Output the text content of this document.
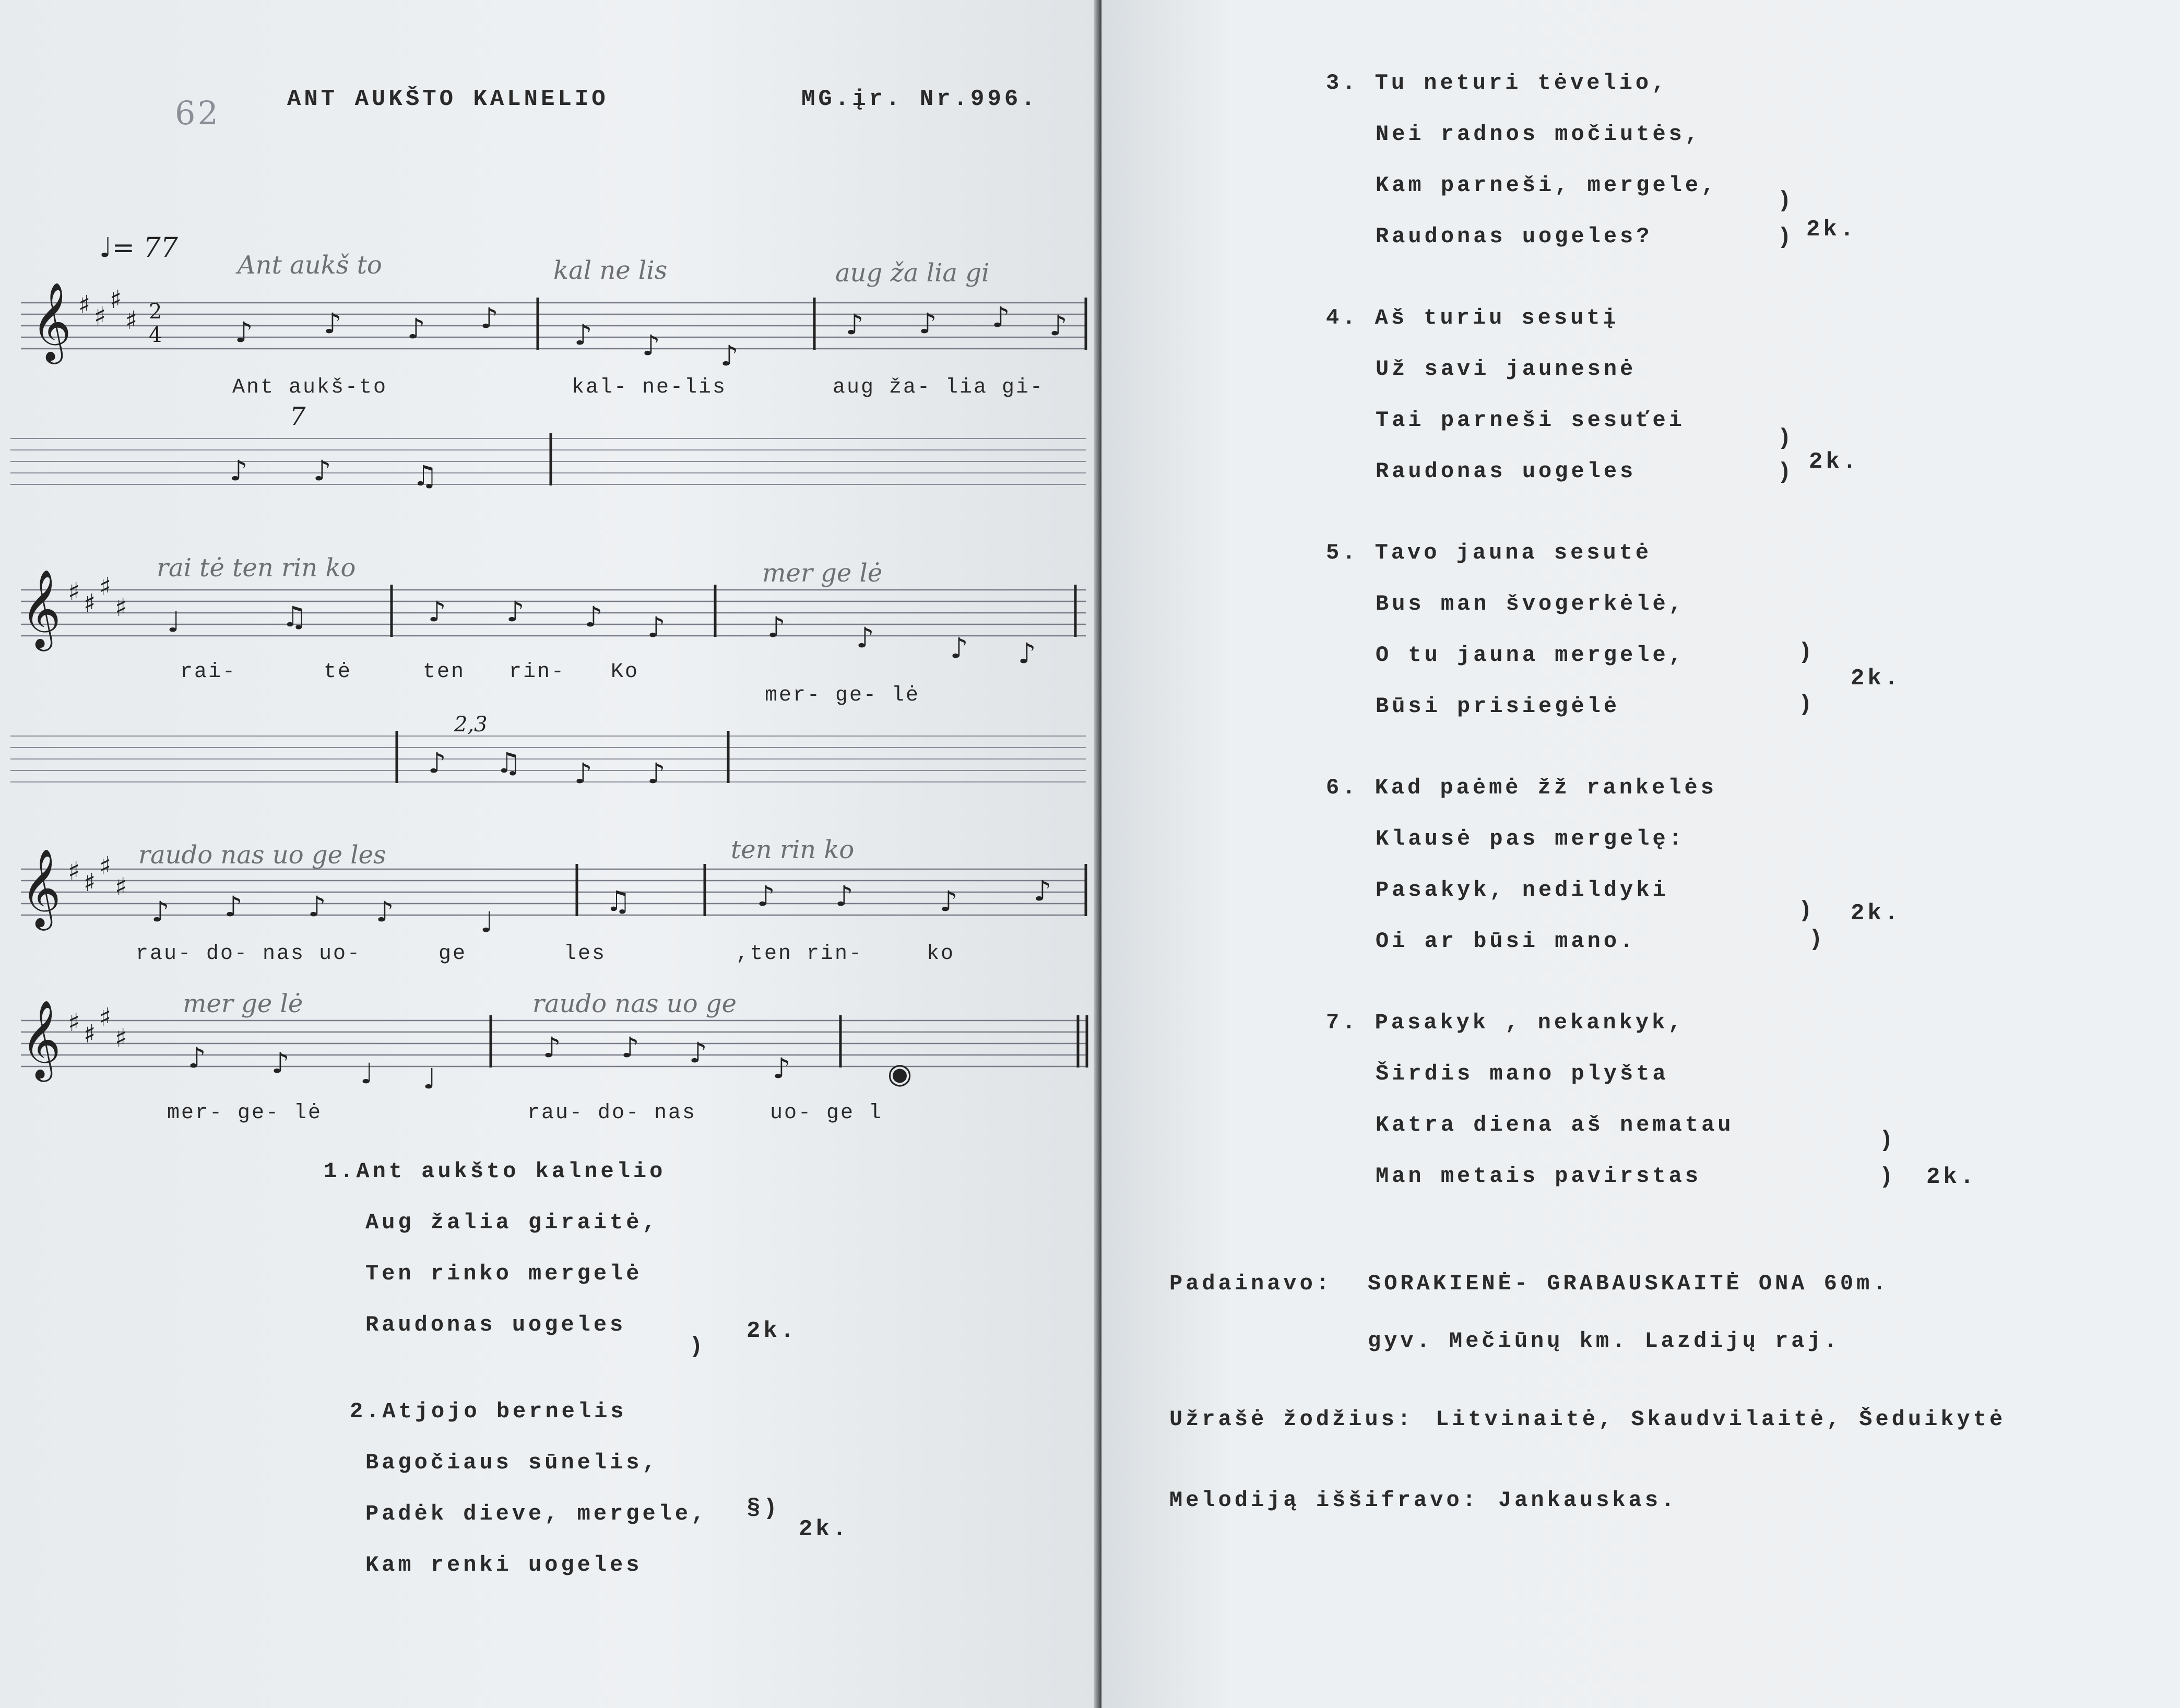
62	ANT AUKŠTO KALNELIO	MG.įr. Nr.996.
♩= 77
Ant aukš to	kal ne lis	aug ža lia gi
𝄞 ♯ ♯
♯
♯ 2
4	♪	♪ ♪ ♪
♪ ♪ ♪
♪ ♪ ♪ ♪
Ant aukš-to	kal- ne-lis	aug ža- lia gi-
7
♪ ♪	♫
rai tė ten rin ko	mer ge lė
𝄞 ♯ ♯
♯
♯ ♩	♫	♪ ♪ ♪ ♪	♪	♪	♪ ♪
rai-	tė	ten rin- Ko
mer- ge- lė
2,3
♪ ♫ ♪ ♪
raudo nas uo ge les	ten rin ko
𝄞 ♯ ♯
♯
♯
♪ ♪ ♪ ♪	♩
♫	♪ ♪	♪	♪
rau- do- nas uo-	ge	les	,ten rin-	ko
mer ge lė	raudo nas uo ge
𝄞 ♯ ♯
♯
♯
♪ ♪	♩ ♩
♪ ♪ ♪ ♪	◉
mer- ge- lė	rau- do- nas	uo- ge l
1.Ant aukšto kalnelio
Aug žalia giraitė,
Ten rinko mergelė
Raudonas uogeles
)
2k.
2.Atjojo bernelis
Bagočiaus sūnelis,
Padėk dieve, mergele,
Kam renki uogeles
§)
2k.
3. Tu neturi tėvelio,
Nei radnos močiutės,
Kam parneši, mergele,
Raudonas uogeles?
)
) 2k.
4. Aš turiu sesutį
Už savi jaunesnė
Tai parneši sesuťei
Raudonas uogeles
)
) 2k.
5. Tavo jauna sesutė
Bus man švogerkėlė,
O tu jauna mergele,
Būsi prisiegėlė
)
)
2k.
6. Kad paėmė žž rankelės
Klausė pas mergelę:
Pasakyk, nedildyki
Oi ar būsi mano.
)
)
2k.
7. Pasakyk , nekankyk,
Širdis mano plyšta
Katra diena aš nematau
Man metais pavirstas
)
) 2k.
Padainavo: SORAKIENĖ- GRABAUSKAITĖ ONA 60m.
gyv. Mečiūnų km. Lazdijų raj.
Užrašė žodžius: Litvinaitė, Skaudvilaitė, Šeduikytė
Melodiją iššifravo: Jankauskas.
